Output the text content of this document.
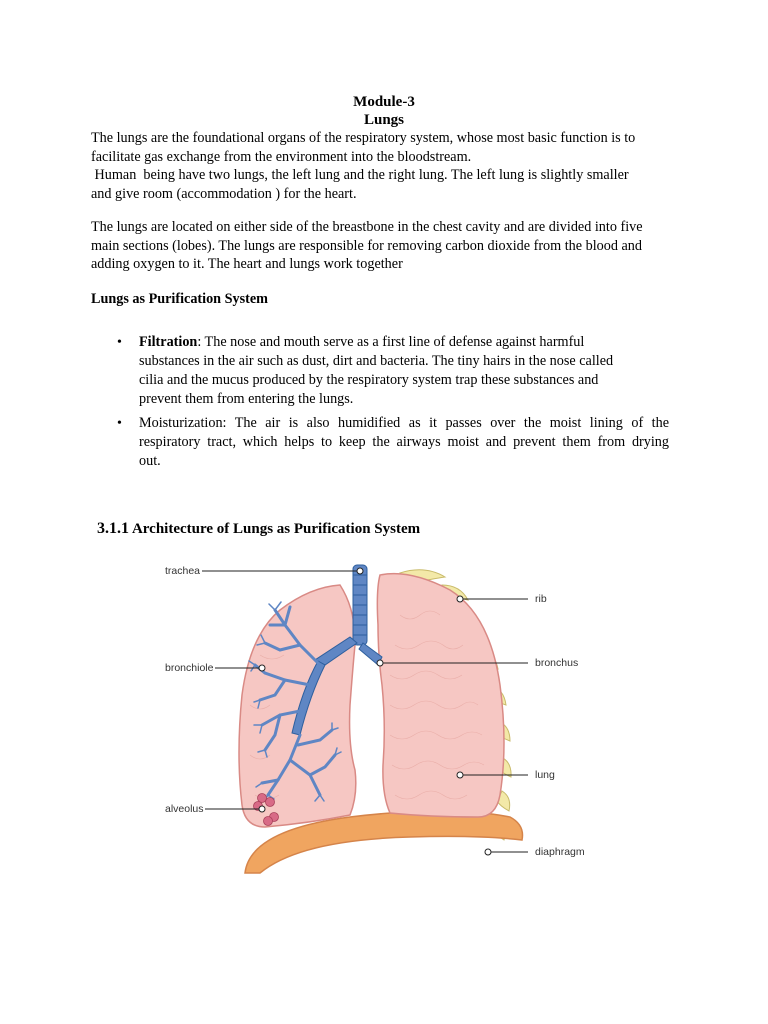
Module-3
Lungs

The lungs are the foundational organs of the respiratory system, whose most basic function is to
facilitate gas exchange from the environment into the bloodstream.
Human  being have two lungs, the left lung and the right lung. The left lung is slightly smaller
and give room (accommodation ) for the heart.

The lungs are located on either side of the breastbone in the chest cavity and are divided into five
main sections (lobes). The lungs are responsible for removing carbon dioxide from the blood and
adding oxygen to it. The heart and lungs work together

Lungs as Purification System
• Filtration: The nose and mouth serve as a first line of defense against harmful
substances in the air such as dust, dirt and bacteria. The tiny hairs in the nose called
cilia and the mucus produced by the respiratory system trap these substances and
prevent them from entering the lungs.
• Moisturization: The air is also humidified as it passes over the moist lining of the
respiratory tract, which helps to keep the airways moist and prevent them from drying
out.
3.1.1 Architecture of Lungs as Purification System
trachea
rib
bronchiole	bronchus
lung
alveolus
diaphragm
